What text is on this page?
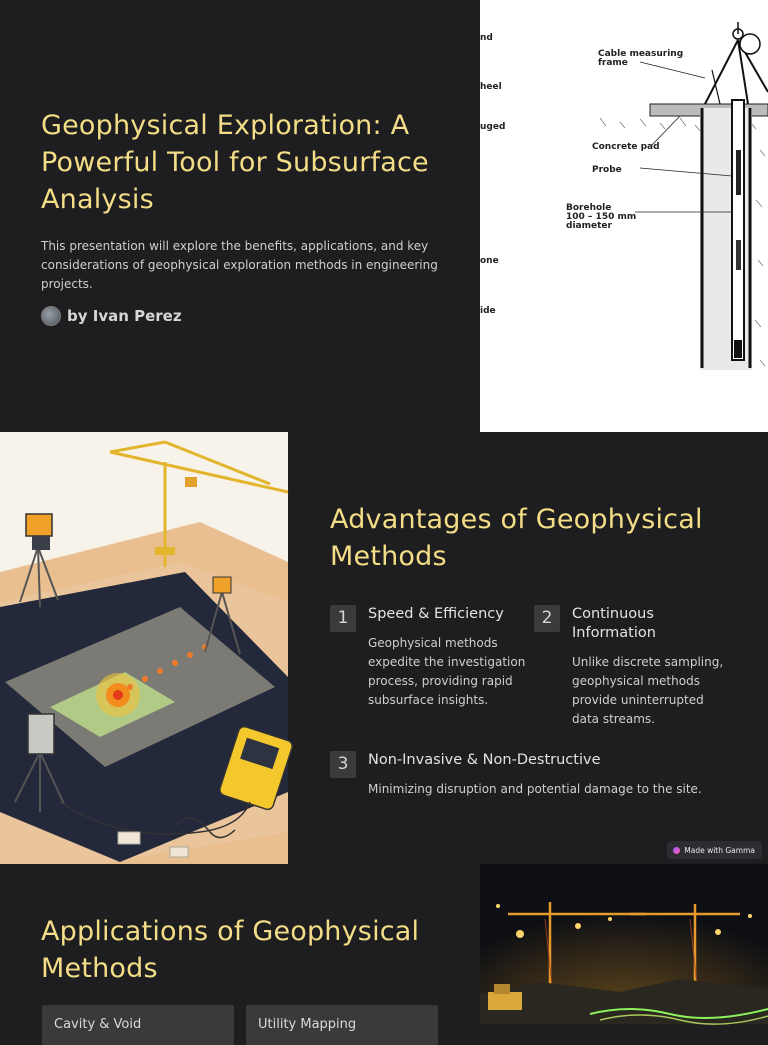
Geophysical Exploration: A Powerful Tool for Subsurface Analysis

This presentation will explore the benefits, applications, and key considerations of geophysical exploration methods in engineering projects.

by Ivan Perez
Cable measuring
frame
Concrete pad
Probe
Borehole
100 – 150 mm
diameter
nd
heel
uged
one
ide
Advantages of Geophysical Methods
1	Speed & Efficiency
Geophysical methods expedite the investigation process, providing rapid subsurface insights.
2	Continuous Information
Unlike discrete sampling, geophysical methods provide uninterrupted data streams.
3	Non-Invasive & Non-Destructive
Minimizing disruption and potential damage to the site.
Made with Gamma
Applications of Geophysical Methods
Cavity & Void	Utility Mapping
